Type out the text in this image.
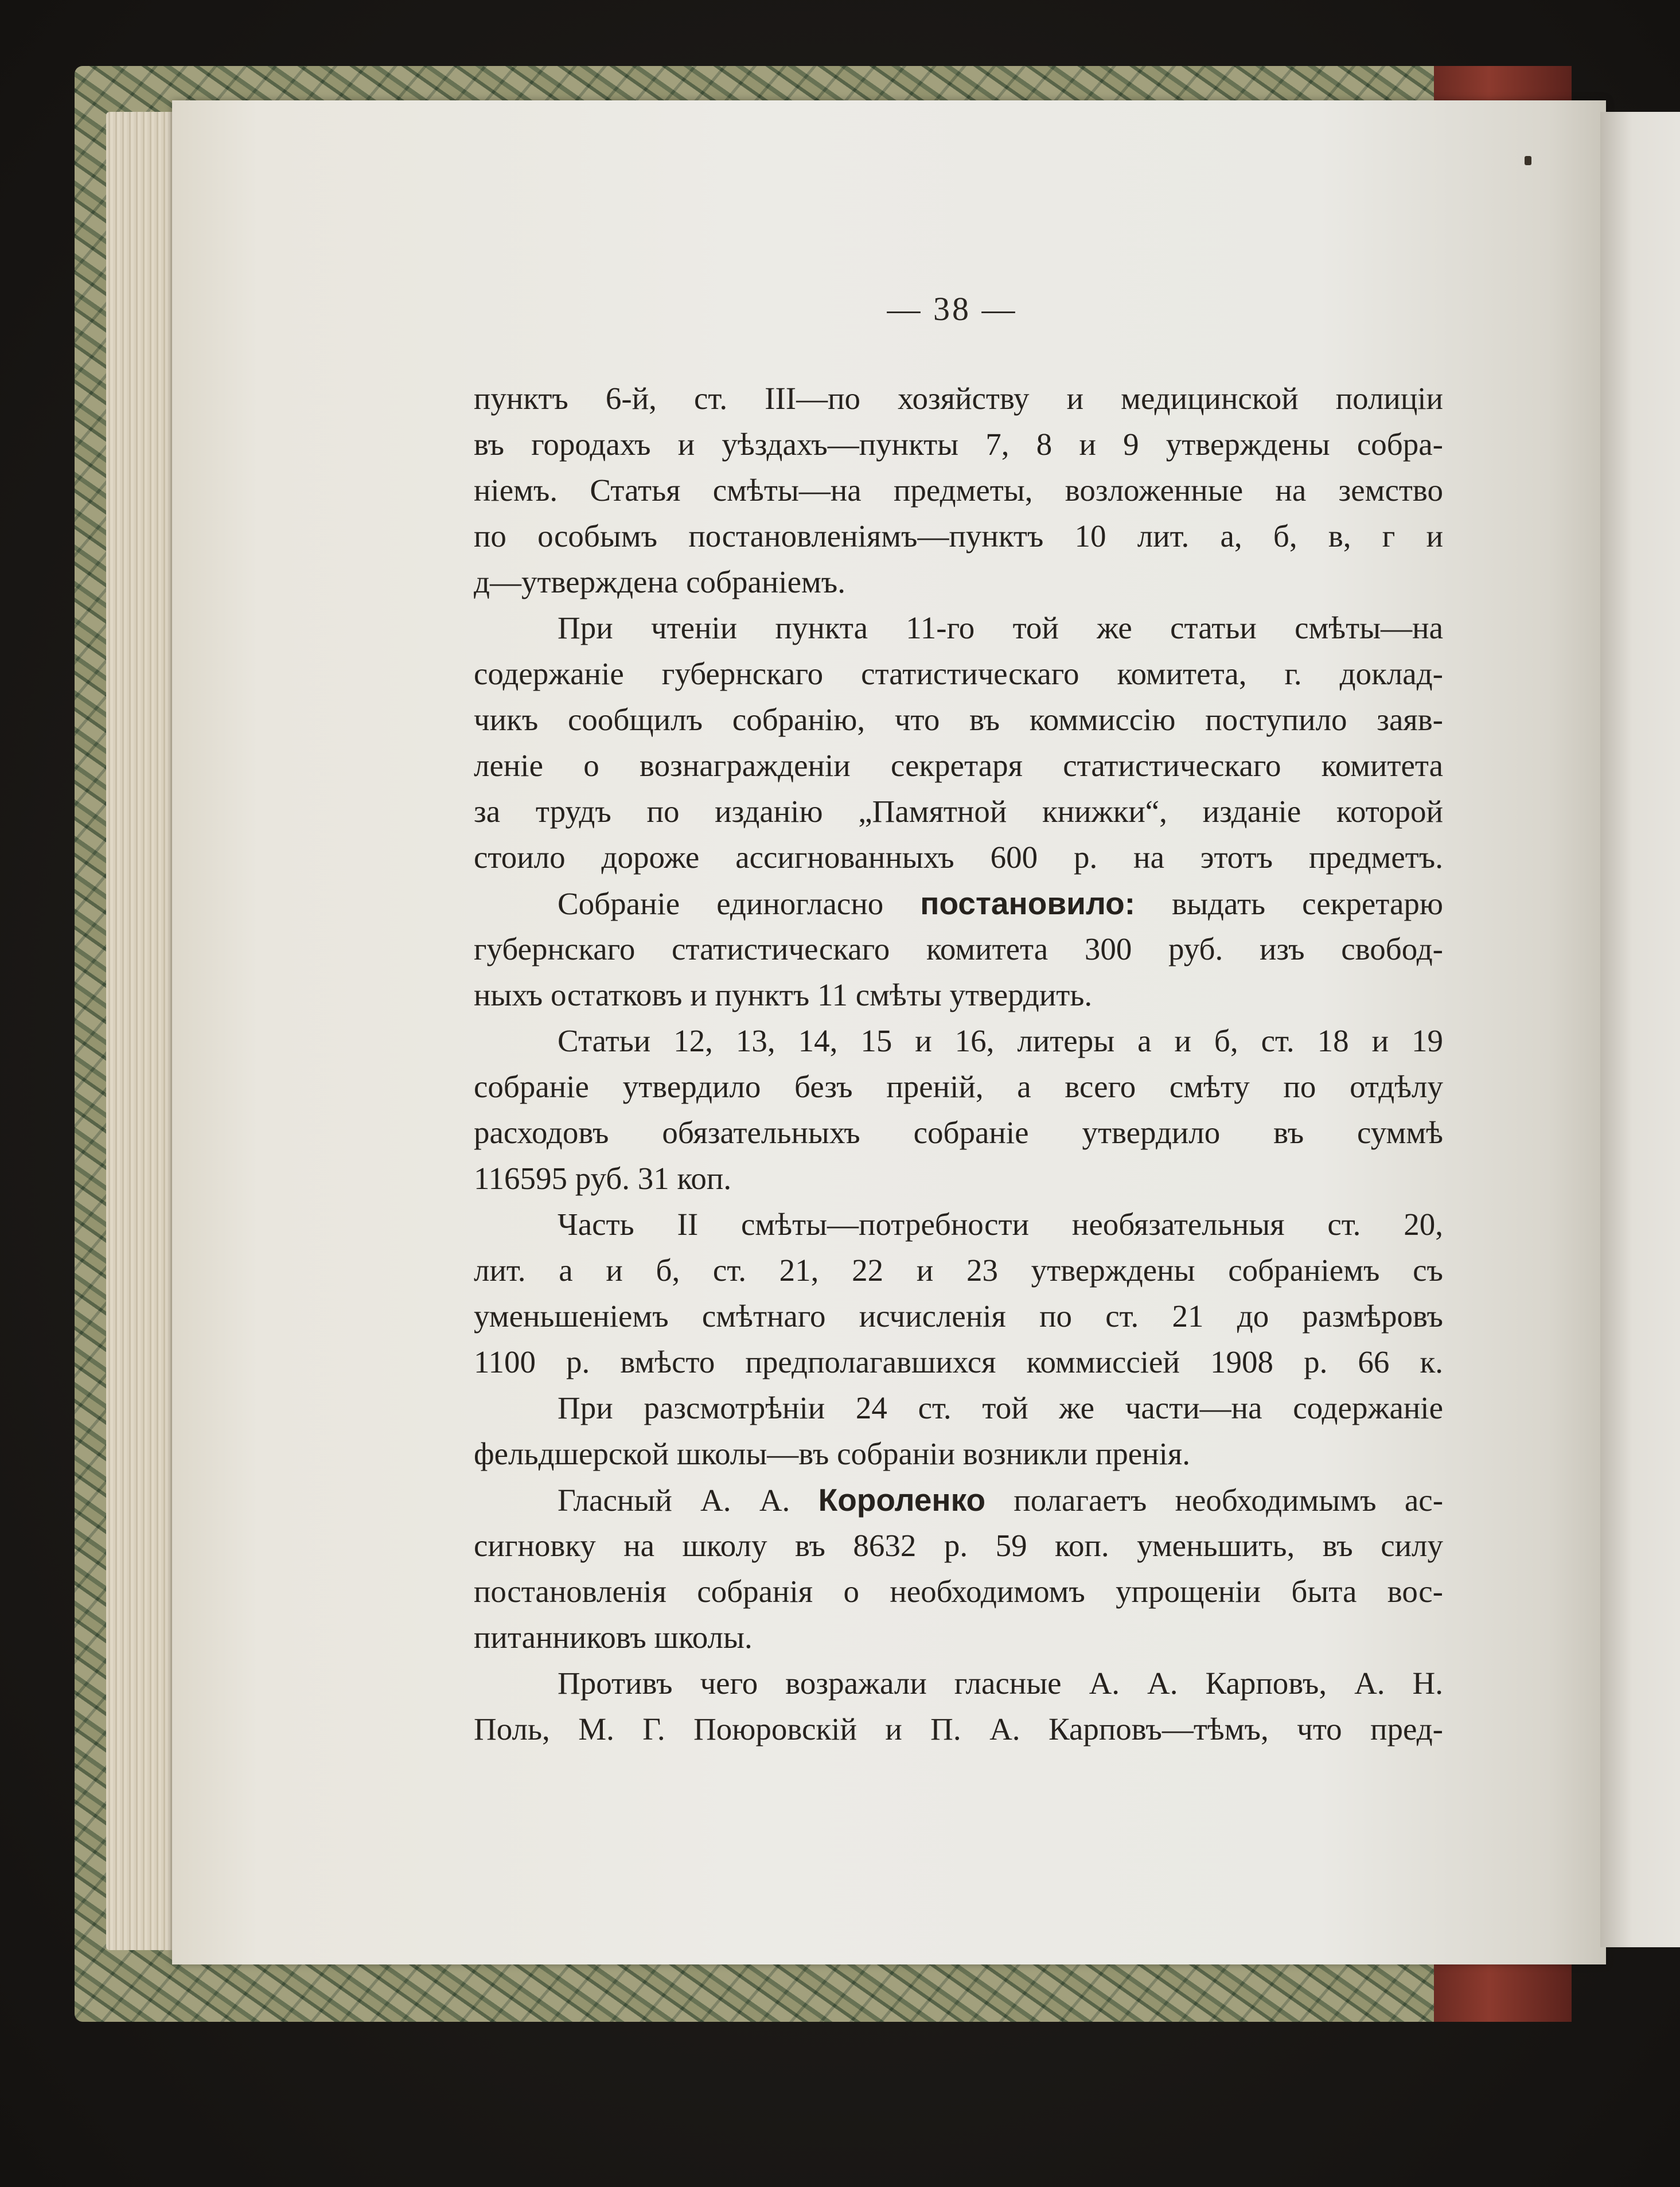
— 38 —
пунктъ 6-й, ст. III—по хозяйству и медицинской полиціи
въ городахъ и уѣздахъ—пункты 7, 8 и 9 утверждены собра-
ніемъ. Статья смѣты—на предметы, возложенные на земство
по особымъ постановленіямъ—пунктъ 10 лит. а, б, в, г и
д—утверждена собраніемъ.
При чтеніи пункта 11-го той же статьи смѣты—на
содержаніе губернскаго статистическаго комитета, г. доклад-
чикъ сообщилъ собранію, что въ коммиссію поступило заяв-
леніе о вознагражденіи секретаря статистическаго комитета
за трудъ по изданію „Памятной книжки“, изданіе которой
стоило дороже ассигнованныхъ 600 р. на этотъ предметъ.
Собраніе единогласно постановило: выдать секретарю
губернскаго статистическаго комитета 300 руб. изъ свобод-
ныхъ остатковъ и пунктъ 11 смѣты утвердить.
Статьи 12, 13, 14, 15 и 16, литеры а и б, ст. 18 и 19
собраніе утвердило безъ преній, а всего смѣту по отдѣлу
расходовъ обязательныхъ собраніе утвердило въ суммѣ
116595 руб. 31 коп.
Часть II смѣты—потребности необязательныя ст. 20,
лит. а и б, ст. 21, 22 и 23 утверждены собраніемъ съ
уменьшеніемъ смѣтнаго исчисленія по ст. 21 до размѣровъ
1100 р. вмѣсто предполагавшихся коммиссіей 1908 р. 66 к.
При разсмотрѣніи 24 ст. той же части—на содержаніе
фельдшерской школы—въ собраніи возникли пренія.
Гласный А. А. Короленко полагаетъ необходимымъ ас-
сигновку на школу въ 8632 р. 59 коп. уменьшить, въ силу
постановленія собранія о необходимомъ упрощеніи быта вос-
питанниковъ школы.
Противъ чего возражали гласные А. А. Карповъ, А. Н.
Поль, М. Г. Поюровскій и П. А. Карповъ—тѣмъ, что пред-
